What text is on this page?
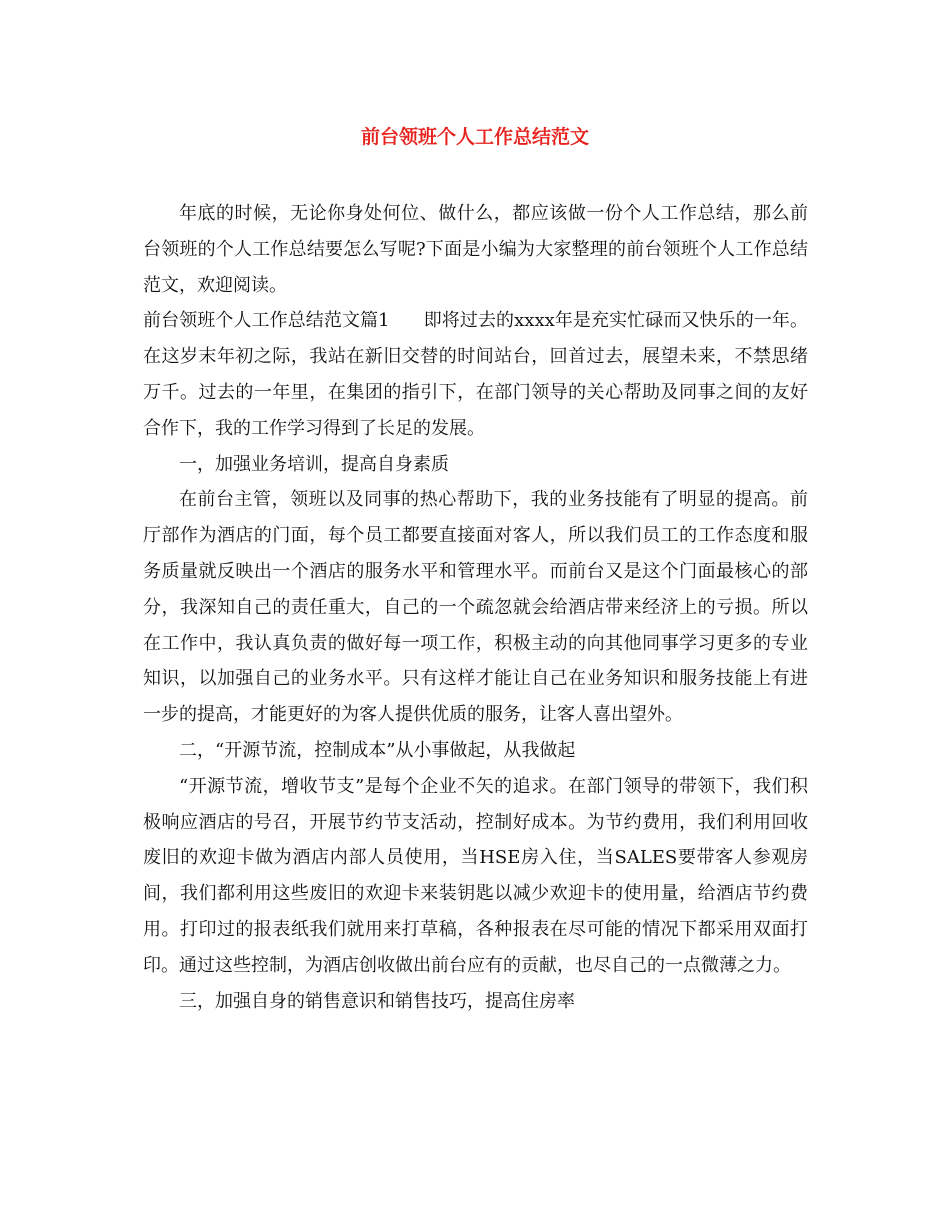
前台领班个人工作总结范文

年底的时候，无论你身处何位、做什么，都应该做一份个人工作总结，那么前台领班的个人工作总结要怎么写呢?下面是小编为大家整理的前台领班个人工作总结范文，欢迎阅读。

前台领班个人工作总结范文篇1 即将过去的xxxx年是充实忙碌而又快乐的一年。在这岁末年初之际，我站在新旧交替的时间站台，回首过去，展望未来，不禁思绪万千。过去的一年里，在集团的指引下，在部门领导的关心帮助及同事之间的友好合作下，我的工作学习得到了长足的发展。

一，加强业务培训，提高自身素质

在前台主管，领班以及同事的热心帮助下，我的业务技能有了明显的提高。前厅部作为酒店的门面，每个员工都要直接面对客人，所以我们员工的工作态度和服务质量就反映出一个酒店的服务水平和管理水平。而前台又是这个门面最核心的部分，我深知自己的责任重大，自己的一个疏忽就会给酒店带来经济上的亏损。所以在工作中，我认真负责的做好每一项工作，积极主动的向其他同事学习更多的专业知识，以加强自己的业务水平。只有这样才能让自己在业务知识和服务技能上有进一步的提高，才能更好的为客人提供优质的服务，让客人喜出望外。

二，“开源节流，控制成本”从小事做起，从我做起

“开源节流，增收节支”是每个企业不矢的追求。在部门领导的带领下，我们积极响应酒店的号召，开展节约节支活动，控制好成本。为节约费用，我们利用回收废旧的欢迎卡做为酒店内部人员使用，当HSE房入住，当SALES要带客人参观房间，我们都利用这些废旧的欢迎卡来装钥匙以减少欢迎卡的使用量，给酒店节约费用。打印过的报表纸我们就用来打草稿，各种报表在尽可能的情况下都采用双面打印。通过这些控制，为酒店创收做出前台应有的贡献，也尽自己的一点微薄之力。

三，加强自身的销售意识和销售技巧，提高住房率
